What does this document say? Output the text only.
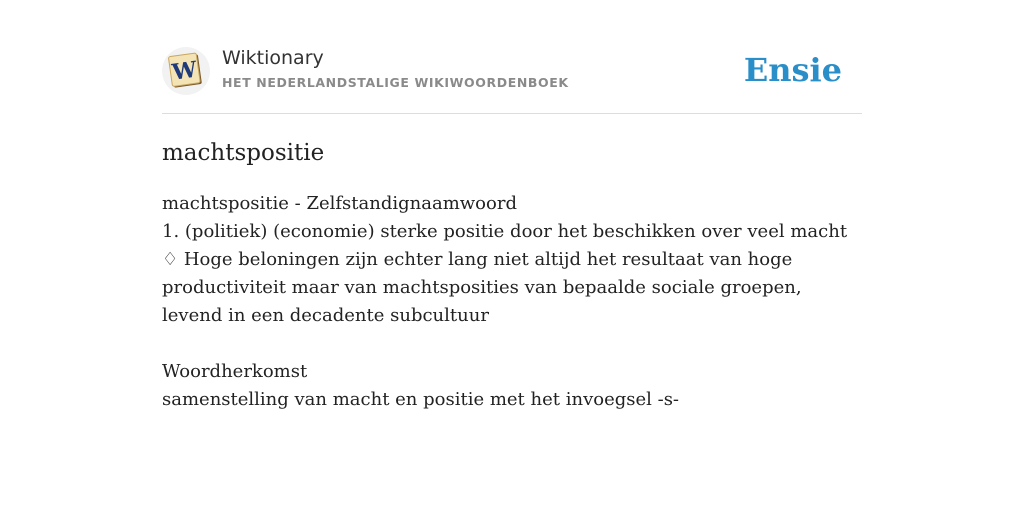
W Wiktionary
HET NEDERLANDSTALIGE WIKIWOORDENBOEK	Ensie
machtspositie

machtspositie - Zelfstandignaamwoord

1. (politiek) (economie) sterke positie door het beschikken over veel macht

♢ Hoge beloningen zijn echter lang niet altijd het resultaat van hoge productiviteit maar van machtsposities van bepaalde sociale groepen, levend in een decadente subcultuur

Woordherkomst

samenstelling van macht en positie met het invoegsel -s-
